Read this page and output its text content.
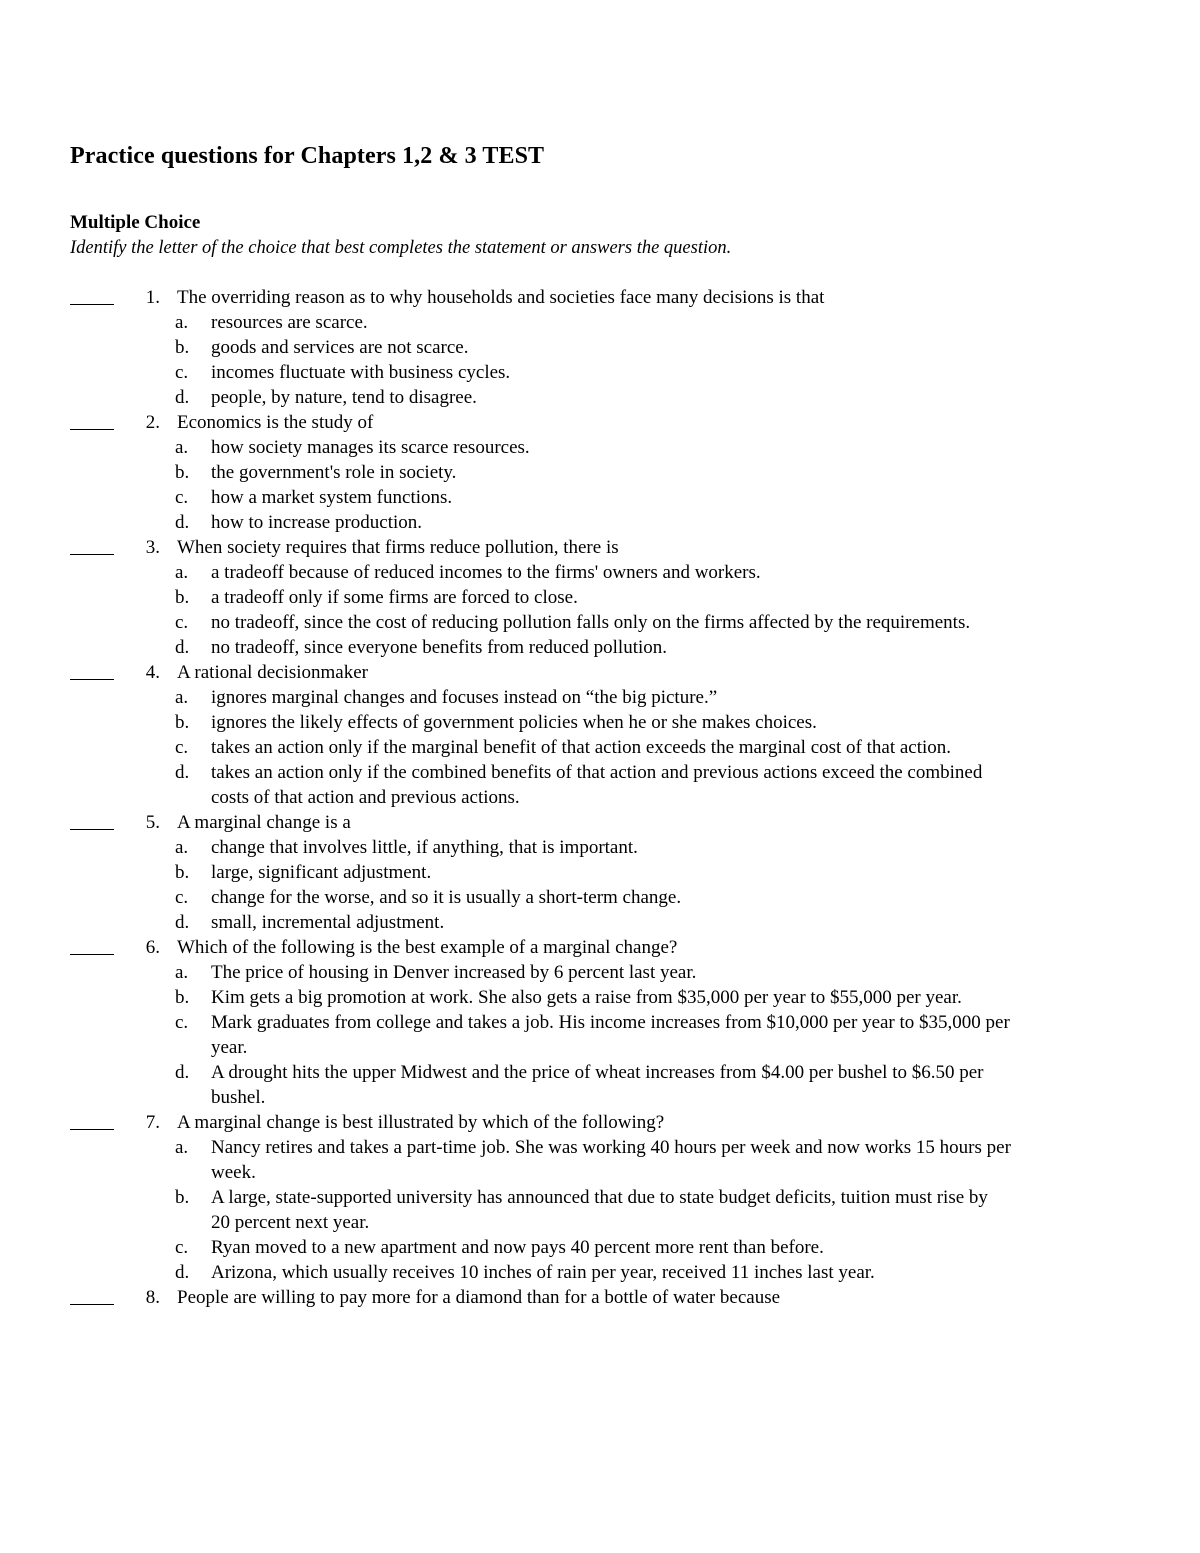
Practice questions for Chapters 1,2 & 3 TEST
Multiple Choice
Identify the letter of the choice that best completes the statement or answers the question.
1. The overriding reason as to why households and societies face many decisions is that
a. resources are scarce.
b. goods and services are not scarce.
c. incomes fluctuate with business cycles.
d. people, by nature, tend to disagree.
2. Economics is the study of
a. how society manages its scarce resources.
b. the government's role in society.
c. how a market system functions.
d. how to increase production.
3. When society requires that firms reduce pollution, there is
a. a tradeoff because of reduced incomes to the firms' owners and workers.
b. a tradeoff only if some firms are forced to close.
c. no tradeoff, since the cost of reducing pollution falls only on the firms affected by the requirements.
d. no tradeoff, since everyone benefits from reduced pollution.
4. A rational decisionmaker
a. ignores marginal changes and focuses instead on “the big picture.”
b. ignores the likely effects of government policies when he or she makes choices.
c. takes an action only if the marginal benefit of that action exceeds the marginal cost of that action.
d. takes an action only if the combined benefits of that action and previous actions exceed the combined costs of that action and previous actions.
5. A marginal change is a
a. change that involves little, if anything, that is important.
b. large, significant adjustment.
c. change for the worse, and so it is usually a short-term change.
d. small, incremental adjustment.
6. Which of the following is the best example of a marginal change?
a. The price of housing in Denver increased by 6 percent last year.
b. Kim gets a big promotion at work. She also gets a raise from $35,000 per year to $55,000 per year.
c. Mark graduates from college and takes a job. His income increases from $10,000 per year to $35,000 per year.
d. A drought hits the upper Midwest and the price of wheat increases from $4.00 per bushel to $6.50 per bushel.
7. A marginal change is best illustrated by which of the following?
a. Nancy retires and takes a part-time job. She was working 40 hours per week and now works 15 hours per week.
b. A large, state-supported university has announced that due to state budget deficits, tuition must rise by 20 percent next year.
c. Ryan moved to a new apartment and now pays 40 percent more rent than before.
d. Arizona, which usually receives 10 inches of rain per year, received 11 inches last year.
8. People are willing to pay more for a diamond than for a bottle of water because
